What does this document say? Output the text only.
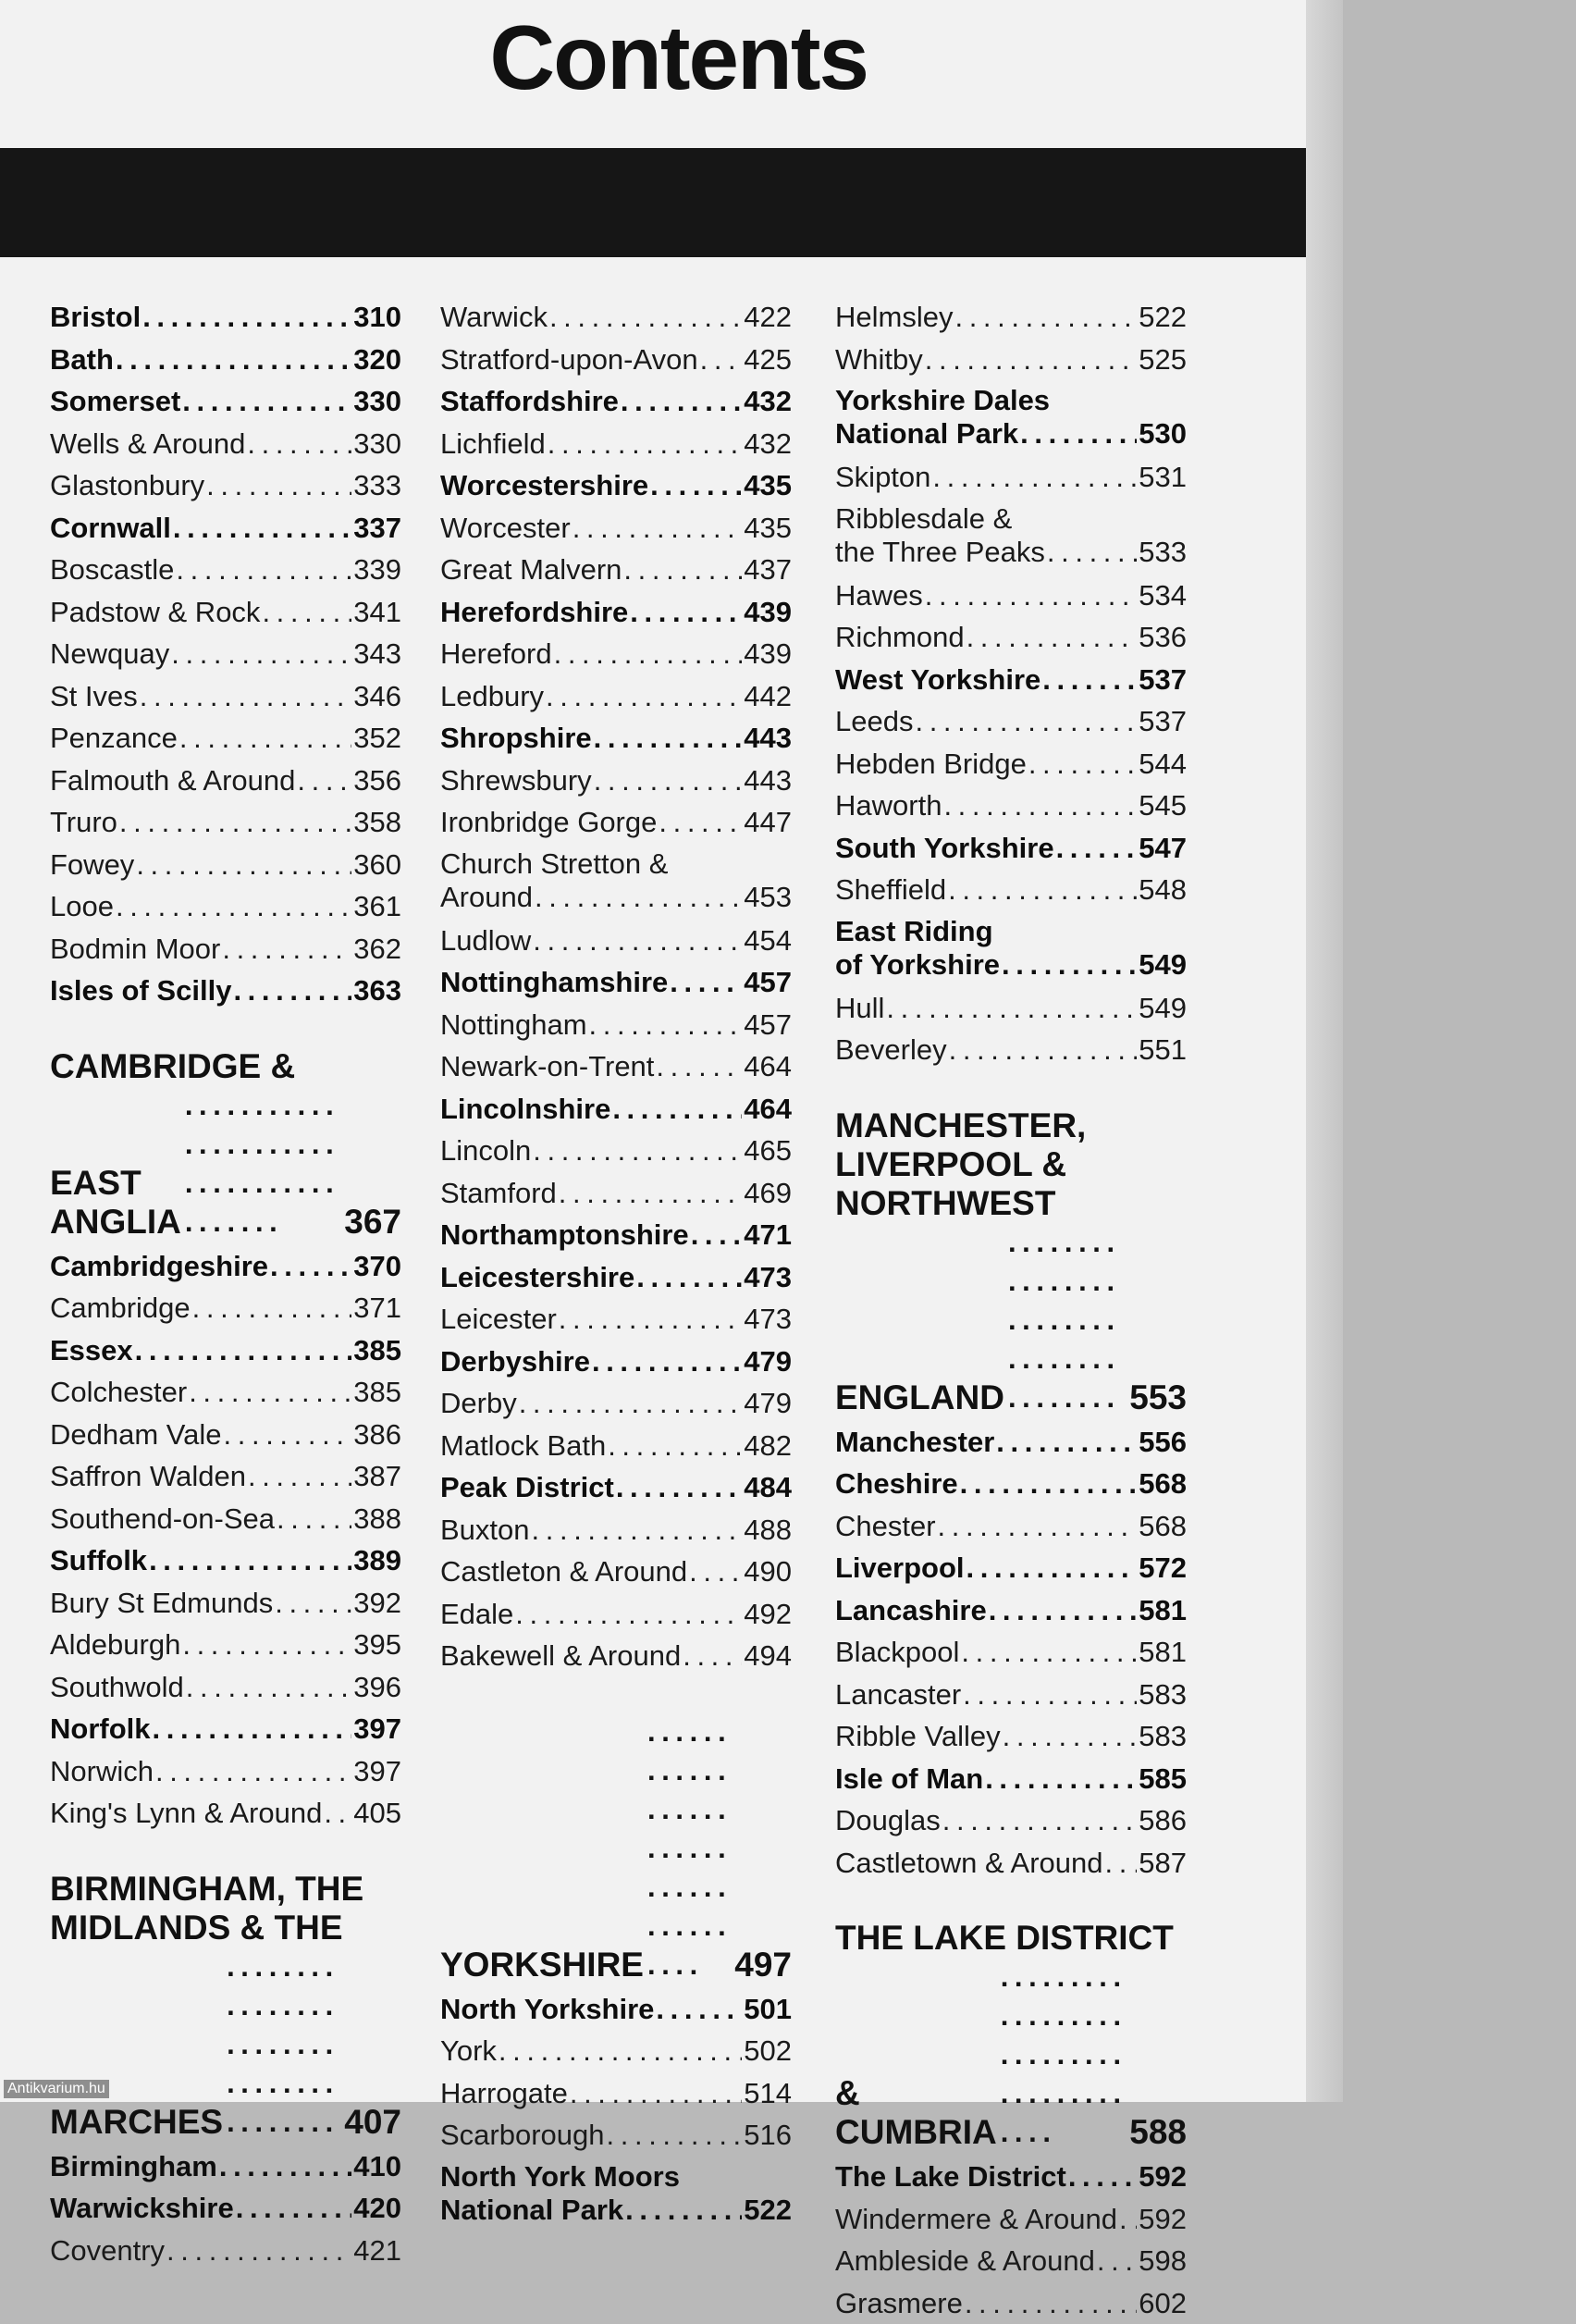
Contents
Bristol . . .	310
Bath . . .	320
Somerset . . .	330
Wells & Around . . .	330
Glastonbury . . .	333
Cornwall . . .	337
Boscastle . . .	339
Padstow & Rock . . .	341
Newquay . . .	343
St Ives . . .	346
Penzance . . .	352
Falmouth & Around . . . 356
Truro . . .	358
Fowey . . .	360
Looe . . .	361
Bodmin Moor . . .	362
Isles of Scilly . . .	363
CAMBRIDGE &
EAST ANGLIA . . .	367
Cambridgeshire . . .	370
Cambridge . . .	371
Essex . . .	385
Colchester . . .	385
Dedham Vale . . .	386
Saffron Walden . . .	387
Southend-on-Sea . . .	388
Suffolk . . .	389
Bury St Edmunds . . .	392
Aldeburgh . . .	395
Southwold . . .	396
Norfolk . . .	397
Norwich . . .	397
King's Lynn & Around . . . 405
BIRMINGHAM, THE
MIDLANDS & THE
MARCHES . . .	407
Birmingham . . .	410
Warwickshire . . .	420
Coventry . . .	421
Warwick . . .	422
Stratford-upon-Avon . . . 425
Staffordshire . . .	432
Lichfield . . .	432
Worcestershire . . .	435
Worcester . . .	435
Great Malvern . . .	437
Herefordshire . . .	439
Hereford . . .	439
Ledbury . . .	442
Shropshire . . .	443
Shrewsbury . . .	443
Ironbridge Gorge . . .	447
Church Stretton &
Around . . .	453
Ludlow . . .	454
Nottinghamshire . . .	457
Nottingham . . .	457
Newark-on-Trent . . .	464
Lincolnshire . . .	464
Lincoln . . .	465
Stamford . . .	469
Northamptonshire . . . 471
Leicestershire . . .	473
Leicester . . .	473
Derbyshire . . .	479
Derby . . .	479
Matlock Bath . . .	482
Peak District . . .	484
Buxton . . .	488
Castleton & Around . . . 490
Edale . . .	492
Bakewell & Around . . . 494
YORKSHIRE . . .	497
North Yorkshire . . .	501
York . . .	502
Harrogate . . .	514
Scarborough . . .	516
North York Moors
National Park . . .	522
Helmsley . . .	522
Whitby . . .	525
Yorkshire Dales
National Park . . .	530
Skipton . . .	531
Ribblesdale &
the Three Peaks . . .	533
Hawes . . .	534
Richmond . . .	536
West Yorkshire . . .	537
Leeds . . .	537
Hebden Bridge . . .	544
Haworth . . .	545
South Yorkshire . . .	547
Sheffield . . .	548
East Riding
of Yorkshire . . .	549
Hull . . .	549
Beverley . . .	551
MANCHESTER,
LIVERPOOL &
NORTHWEST
ENGLAND . . .	553
Manchester . . .	556
Cheshire . . .	568
Chester . . .	568
Liverpool . . .	572
Lancashire . . .	581
Blackpool . . .	581
Lancaster . . .	583
Ribble Valley . . .	583
Isle of Man . . .	585
Douglas . . .	586
Castletown & Around . . . 587
THE LAKE DISTRICT
& CUMBRIA . . .	588
The Lake District . . .	592
Windermere & Around . . . 592
Ambleside & Around . . . 598
Grasmere . . .	602
Antikvarium.hu
